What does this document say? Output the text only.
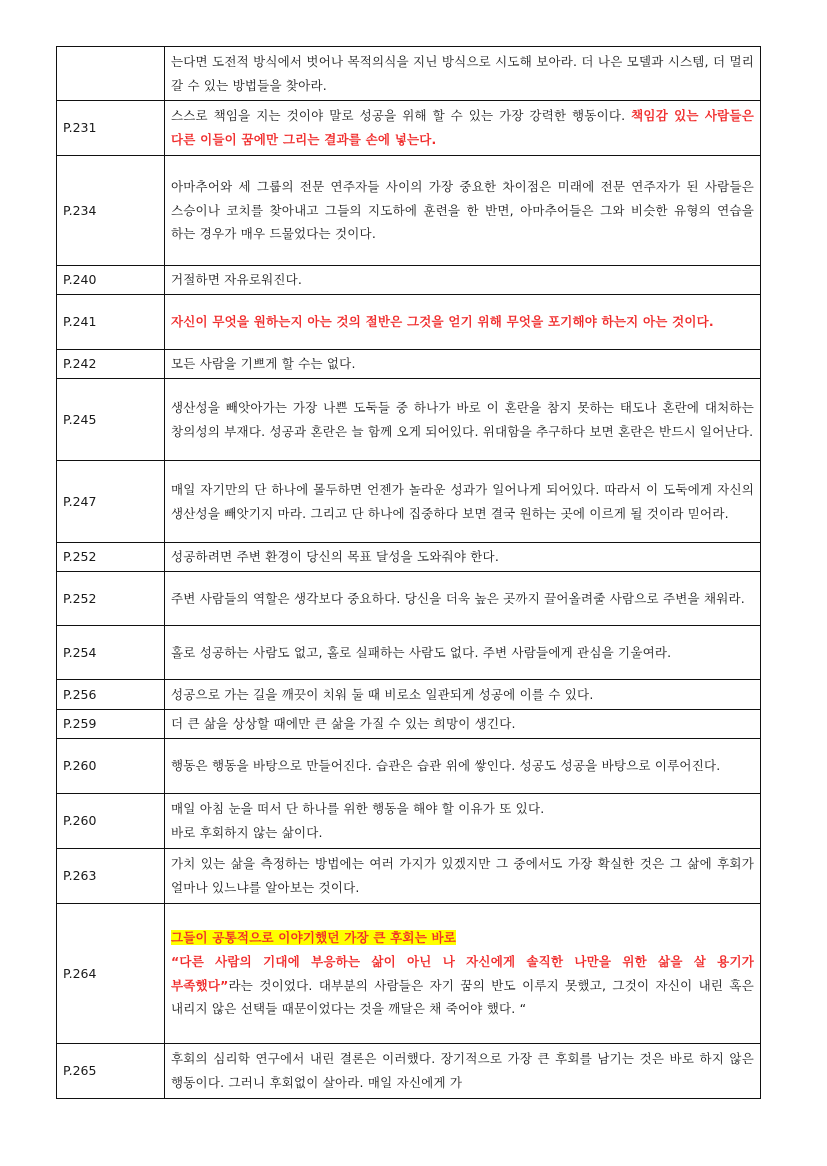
	는다면 도전적 방식에서 벗어나 목적의식을 지닌 방식으로 시도해 보아라. 더 나은 모델과 시스템, 더 멀리 갈 수 있는 방법들을 찾아라.
P.231	스스로 책임을 지는 것이야 말로 성공을 위해 할 수 있는 가장 강력한 행동이다. 책임감 있는 사람들은 다른 이들이 꿈에만 그리는 결과를 손에 넣는다.
P.234	아마추어와 세 그룹의 전문 연주자들 사이의 가장 중요한 차이점은 미래에 전문 연주자가 된 사람들은 스승이나 코치를 찾아내고 그들의 지도하에 훈련을 한 반면, 아마추어들은 그와 비슷한 유형의 연습을 하는 경우가 매우 드물었다는 것이다.
P.240	거절하면 자유로워진다.
P.241	자신이 무엇을 원하는지 아는 것의 절반은 그것을 얻기 위해 무엇을 포기해야 하는지 아는 것이다.
P.242	모든 사람을 기쁘게 할 수는 없다.
P.245	생산성을 빼앗아가는 가장 나쁜 도둑들 중 하나가 바로 이 혼란을 참지 못하는 태도나 혼란에 대처하는 창의성의 부재다. 성공과 혼란은 늘 함께 오게 되어있다. 위대함을 추구하다 보면 혼란은 반드시 일어난다.
P.247	매일 자기만의 단 하나에 몰두하면 언젠가 놀라운 성과가 일어나게 되어있다. 따라서 이 도둑에게 자신의 생산성을 빼앗기지 마라. 그리고 단 하나에 집중하다 보면 결국 원하는 곳에 이르게 될 것이라 믿어라.
P.252	성공하려면 주변 환경이 당신의 목표 달성을 도와줘야 한다.
P.252	주변 사람들의 역할은 생각보다 중요하다. 당신을 더욱 높은 곳까지 끌어올려줄 사람으로 주변을 채워라.
P.254	홀로 성공하는 사람도 없고, 홀로 실패하는 사람도 없다. 주변 사람들에게 관심을 기울여라.
P.256	성공으로 가는 길을 깨끗이 치워 둘 때 비로소 일관되게 성공에 이를 수 있다.
P.259	더 큰 삶을 상상할 때에만 큰 삶을 가질 수 있는 희망이 생긴다.
P.260	행동은 행동을 바탕으로 만들어진다. 습관은 습관 위에 쌓인다. 성공도 성공을 바탕으로 이루어진다.
P.260	매일 아침 눈을 떠서 단 하나를 위한 행동을 해야 할 이유가 또 있다.
바로 후회하지 않는 삶이다.

P.263	가치 있는 삶을 측정하는 방법에는 여러 가지가 있겠지만 그 중에서도 가장 확실한 것은 그 삶에 후회가 얼마나 있느냐를 알아보는 것이다.
P.264	그들이 공통적으로 이야기했던 가장 큰 후회는 바로
“다른 사람의 기대에 부응하는 삶이 아닌 나 자신에게 솔직한 나만을 위한 삶을 살 용기가 부족했다”라는 것이었다. 대부분의 사람들은 자기 꿈의 반도 이루지 못했고, 그것이 자신이 내린 혹은 내리지 않은 선택들 때문이었다는 것을 깨달은 채 죽어야 했다. “
P.265	후회의 심리학 연구에서 내린 결론은 이러했다. 장기적으로 가장 큰 후회를 남기는 것은 바로 하지 않은 행동이다. 그러니 후회없이 살아라. 매일 자신에게 가
